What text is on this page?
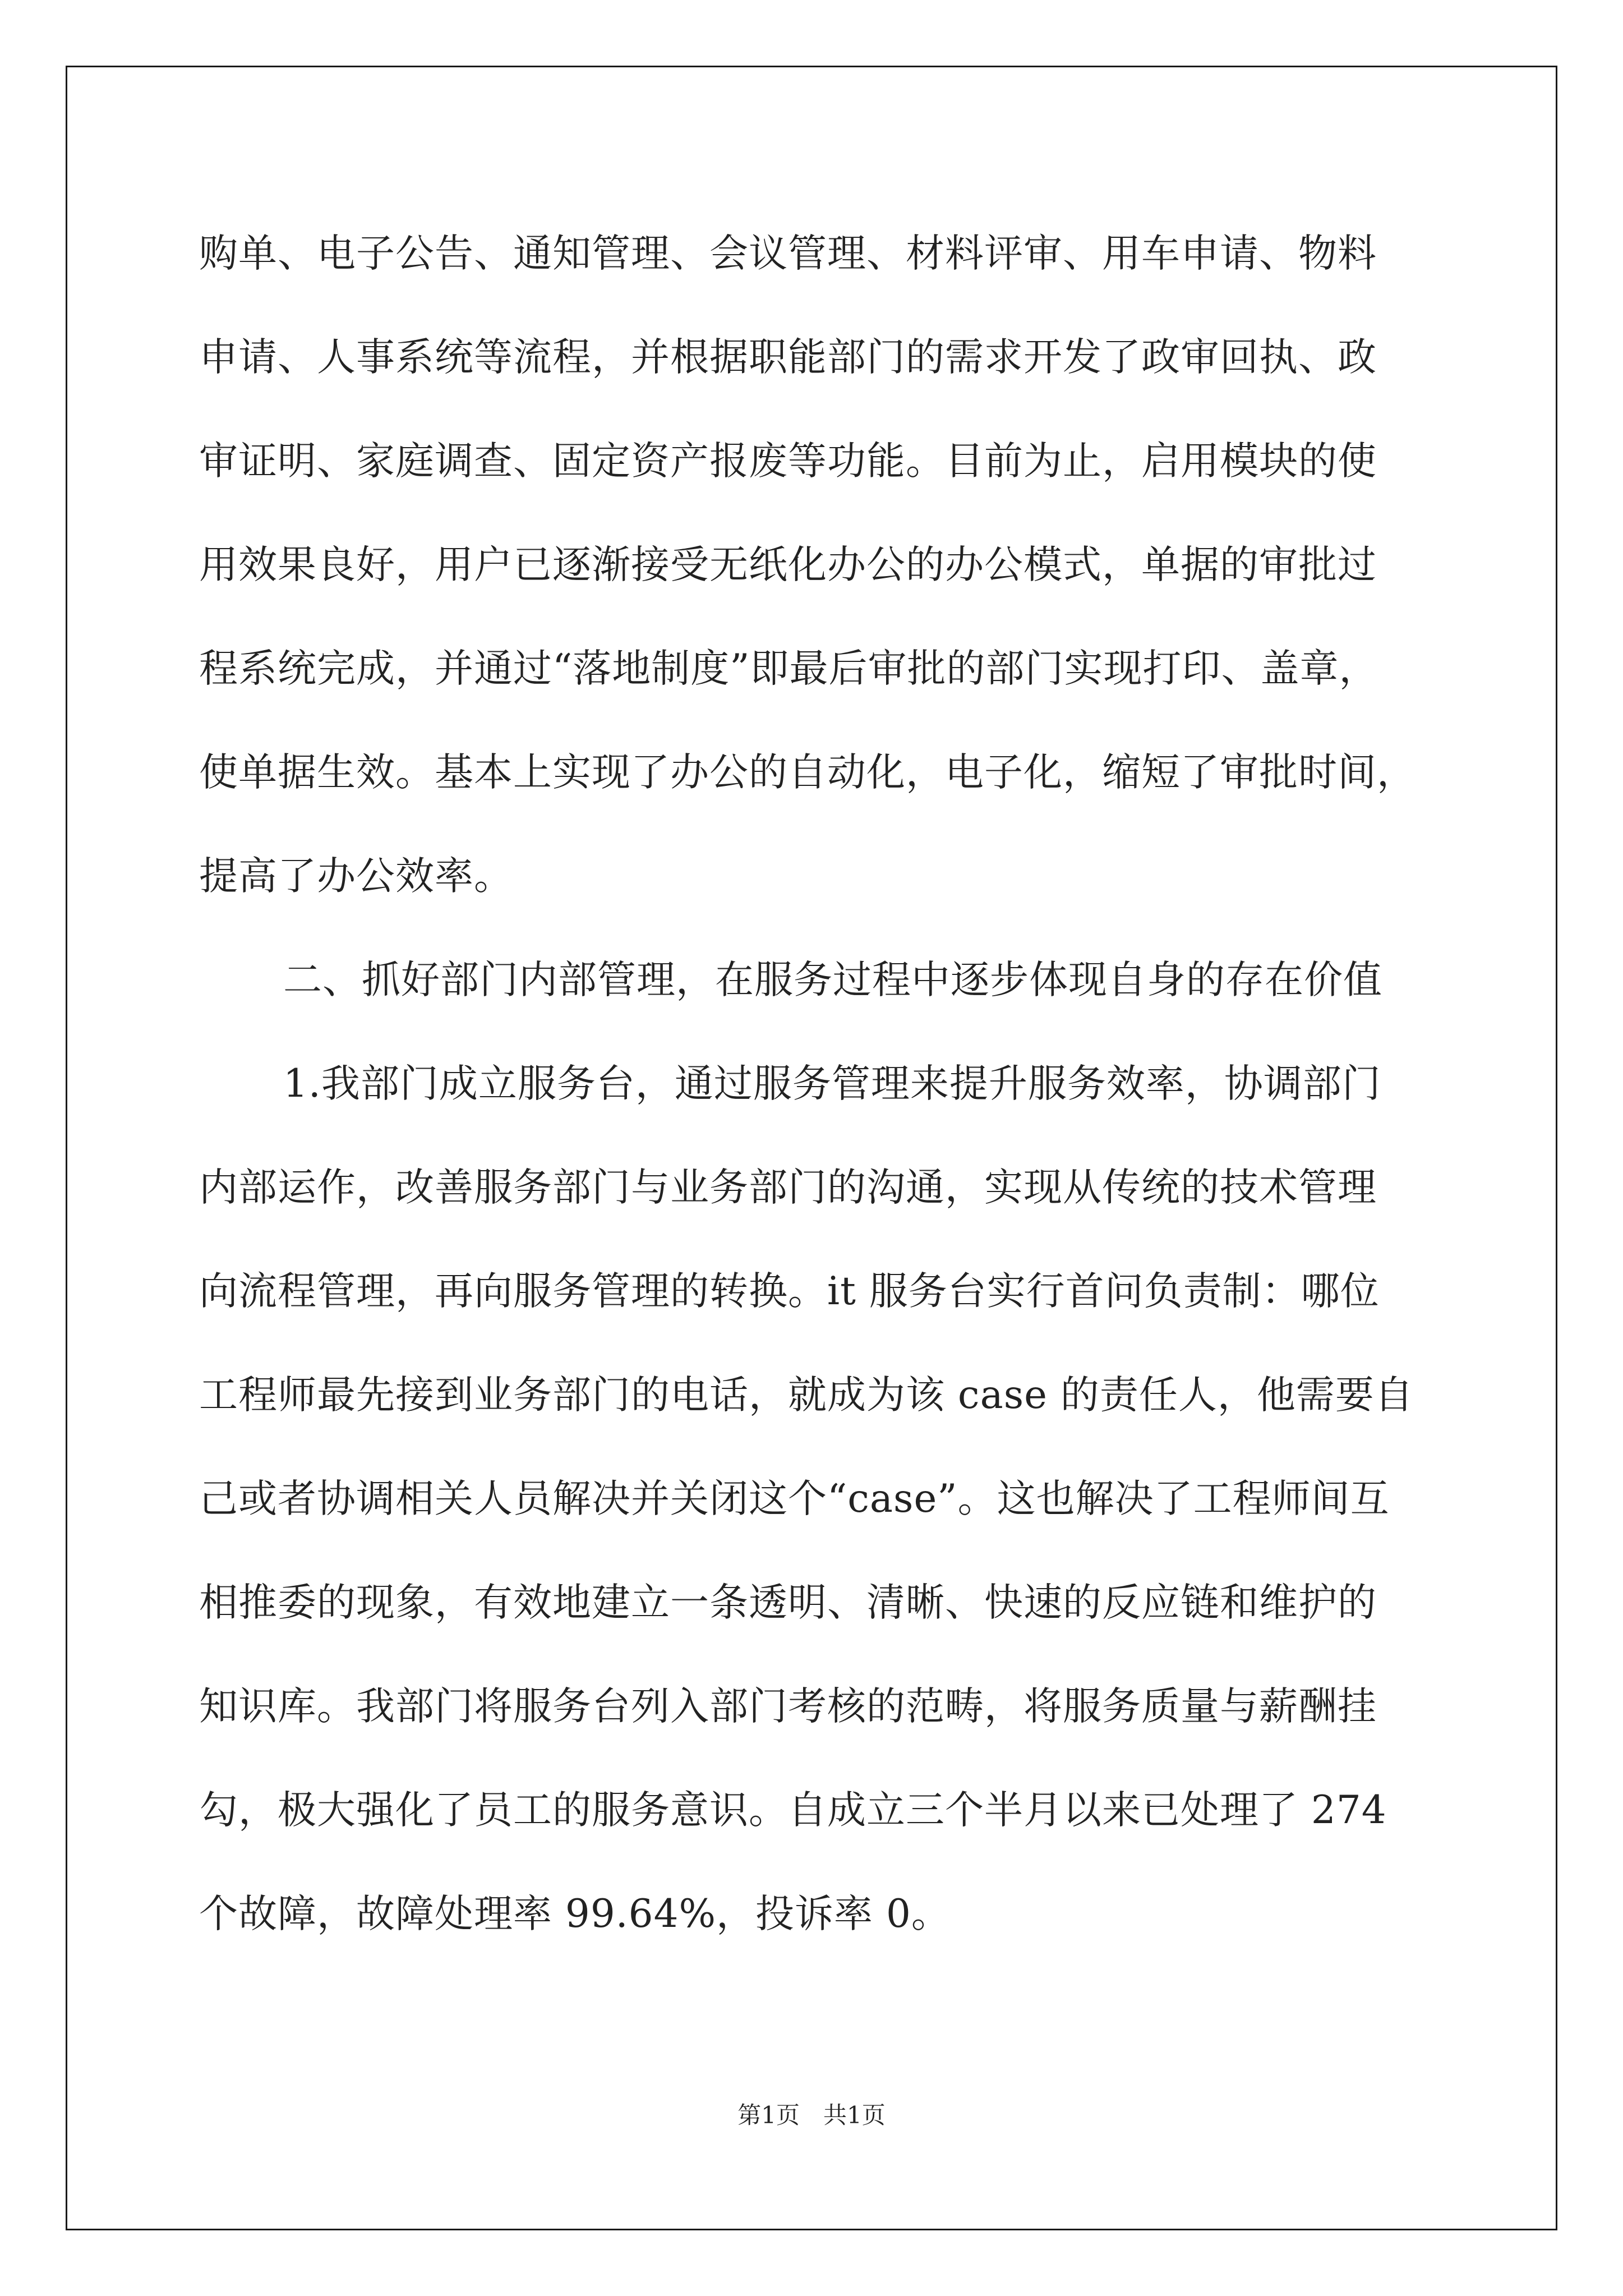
购单、电子公告、通知管理、会议管理、材料评审、用车申请、物料
申请、人事系统等流程，并根据职能部门的需求开发了政审回执、政
审证明、家庭调查、固定资产报废等功能。目前为止，启用模块的使
用效果良好，用户已逐渐接受无纸化办公的办公模式，单据的审批过
程系统完成，并通过“落地制度”即最后审批的部门实现打印、盖章，
使单据生效。基本上实现了办公的自动化，电子化，缩短了审批时间，
提高了办公效率。
二、抓好部门内部管理，在服务过程中逐步体现自身的存在价值
1.我部门成立服务台，通过服务管理来提升服务效率，协调部门
内部运作，改善服务部门与业务部门的沟通，实现从传统的技术管理
向流程管理，再向服务管理的转换。it 服务台实行首问负责制：哪位
工程师最先接到业务部门的电话，就成为该 case 的责任人，他需要自
己或者协调相关人员解决并关闭这个“case”。这也解决了工程师间互
相推委的现象，有效地建立一条透明、清晰、快速的反应链和维护的
知识库。我部门将服务台列入部门考核的范畴，将服务质量与薪酬挂
勾，极大强化了员工的服务意识。自成立三个半月以来已处理了 274
个故障，故障处理率 99.64%，投诉率 0。
第1页　共1页
